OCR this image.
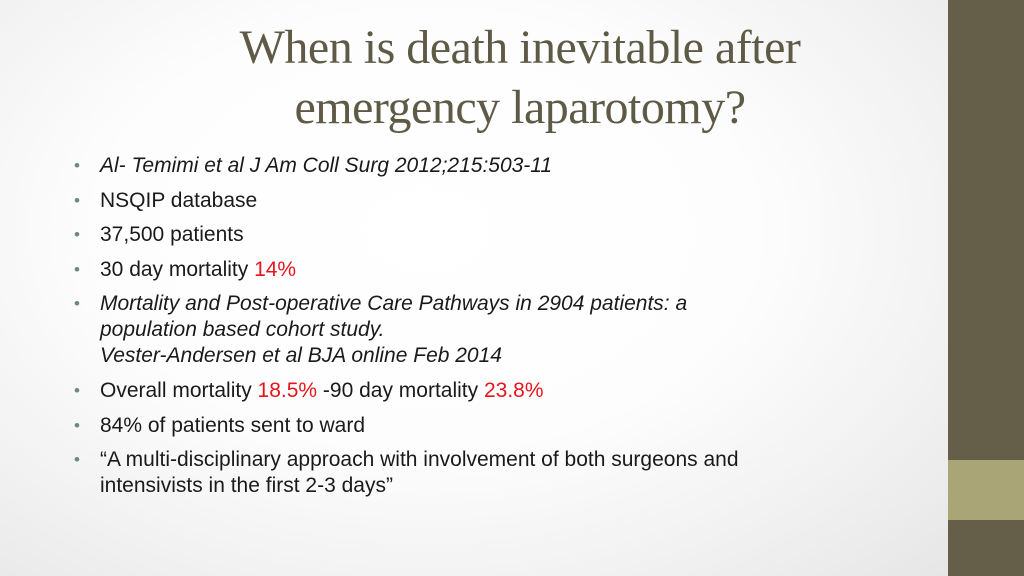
When is death inevitable after
emergency laparotomy?
• Al- Temimi et al J Am Coll Surg 2012;215:503-11
• NSQIP database
• 37,500 patients
• 30 day mortality 14%
• Mortality and Post-operative Care Pathways in 2904 patients: a
population based cohort study.
Vester-Andersen et al BJA online Feb 2014
• Overall mortality 18.5% -90 day mortality 23.8%
• 84% of patients sent to ward
• “A multi-disciplinary approach with involvement of both surgeons and
intensivists in the first 2-3 days”
